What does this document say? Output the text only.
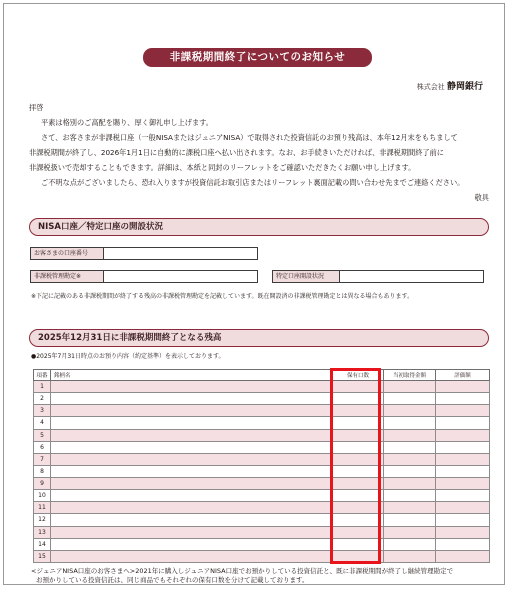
非課税期間終了についてのお知らせ
株式会社 静岡銀行

拝啓

平素は格別のご高配を賜り、厚く御礼申し上げます。

さて、お客さまが非課税口座（一般NISAまたはジュニアNISA）で取得された投資信託のお預り残高は、本年12月末をもちまして

非課税期間が終了し、2026年1月1日に自動的に課税口座へ払い出されます。なお、お手続きいただければ、非課税期間終了前に

非課税扱いで売却することもできます。詳細は、本紙と同封のリーフレットをご確認いただきたくお願い申し上げます。

ご不明な点がございましたら、恐れ入りますが投資信託お取引店またはリーフレット裏面記載の問い合わせ先までご連絡ください。

敬具

NISA口座／特定口座の開設状況
お客さまの口座番号
非課税管理勘定※	特定口座開設状況
※下記に記載のある非課税期間が終了する残高の非課税管理勘定を記載しています。既在開設済の非課税管理勘定とは異なる場合もあります。
2025年12月31日に非課税期間終了となる残高
●2025年7月31日時点のお預り内容（約定基準）を表示しております。
項番	銘柄名	保有口数	当初取得金額	評価額
1				
2				
3				
4				
5				
6				
7				
8				
9				
10				
11				
12				
13				
14				
15				

<ジュニアNISA口座のお客さまへ>2021年に購入しジュニアNISA口座でお預かりしている投資信託と、既に非課税期間が終了し継続管理勘定で

お預かりしている投資信託は、同じ商品でもそれぞれの保有口数を分けて記載しております。
